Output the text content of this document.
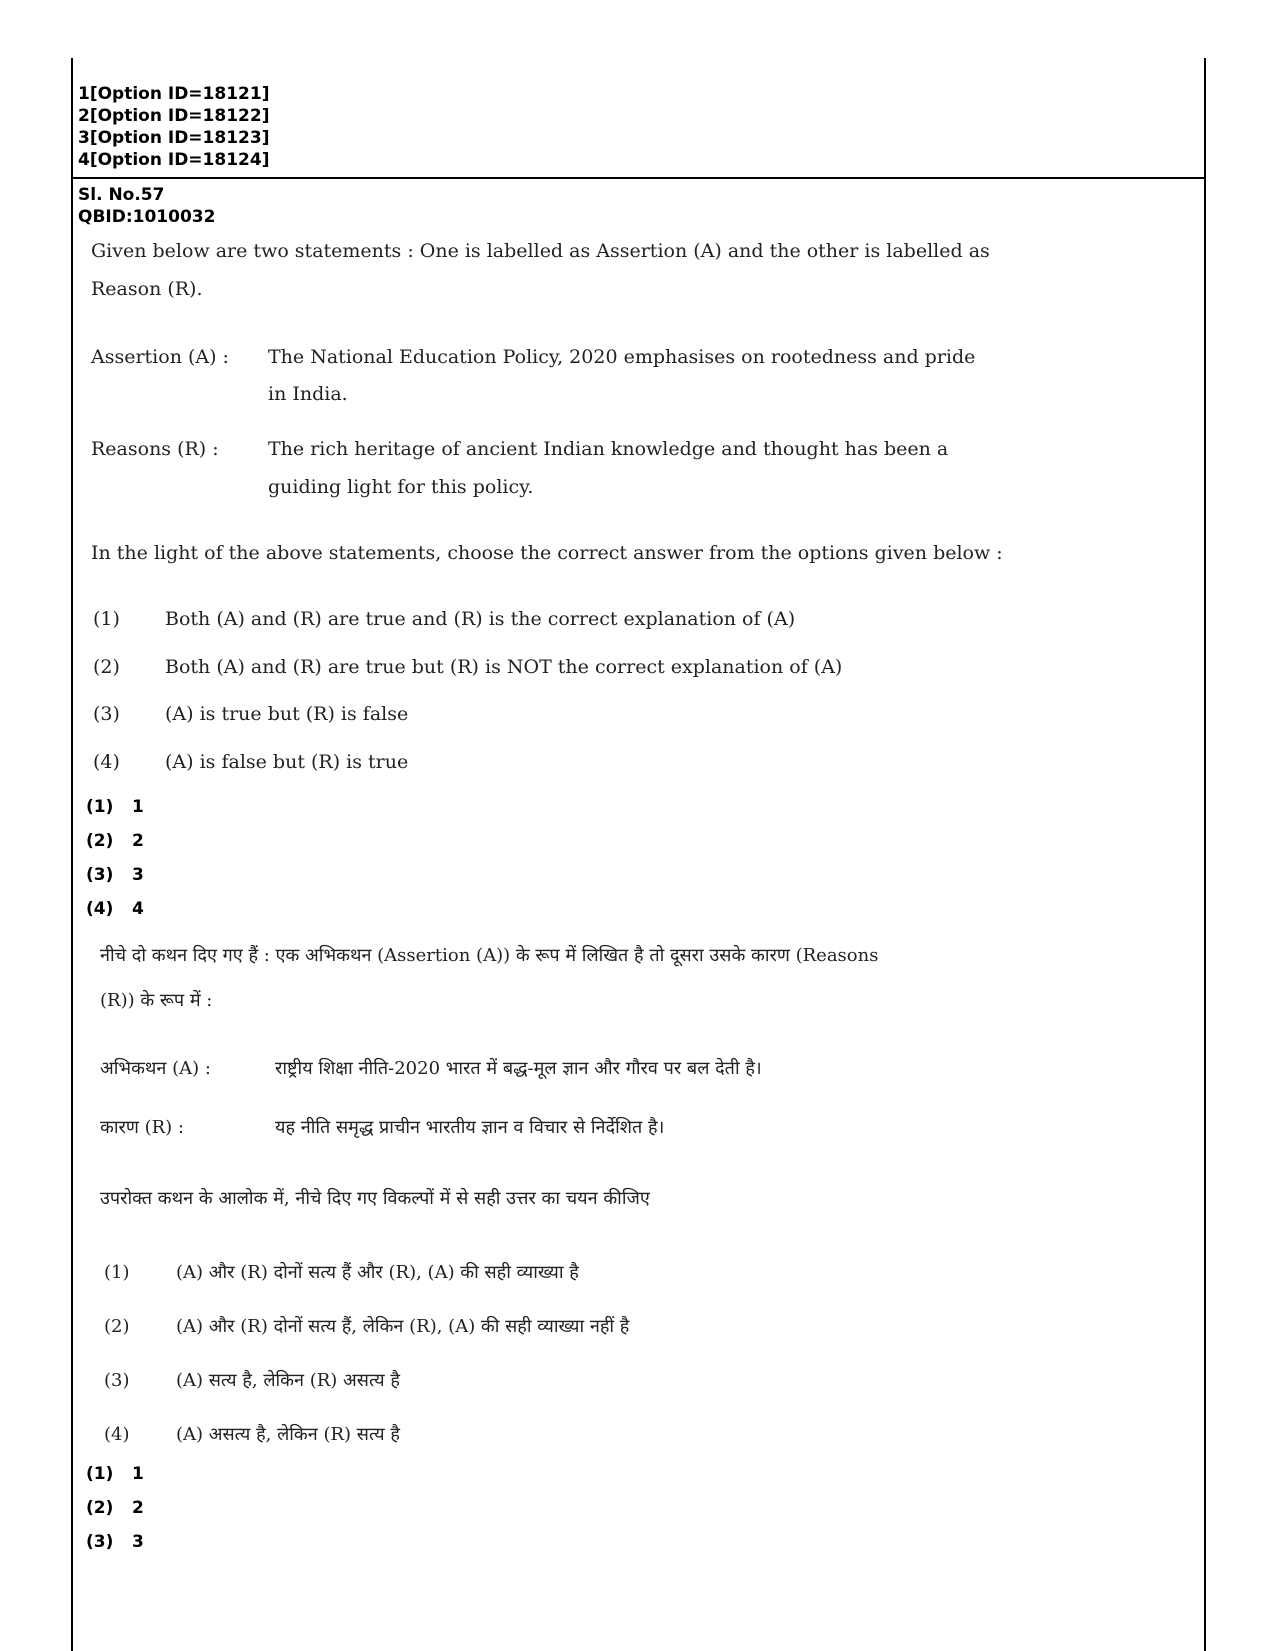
1[Option ID=18121]
2[Option ID=18122]
3[Option ID=18123]
4[Option ID=18124]
Sl. No.57
QBID:1010032
Given below are two statements : One is labelled as Assertion (A) and the other is labelled as
Reason (R).
Assertion (A) : The National Education Policy, 2020 emphasises on rootedness and pride
in India.
Reasons (R) :	The rich heritage of ancient Indian knowledge and thought has been a
guiding light for this policy.
In the light of the above statements, choose the correct answer from the options given below :
(1) Both (A) and (R) are true and (R) is the correct explanation of (A)
(2) Both (A) and (R) are true but (R) is NOT the correct explanation of (A)
(3) (A) is true but (R) is false
(4) (A) is false but (R) is true
(1) 1
(2) 2
(3) 3
(4) 4
नीचे दो कथन दिए गए हैं : एक अभिकथन (Assertion (A)) के रूप में लिखित है तो दूसरा उसके कारण (Reasons
(R)) के रूप में :
अभिकथन (A) :	राष्ट्रीय शिक्षा नीति-2020 भारत में बद्ध-मूल ज्ञान और गौरव पर बल देती है।
कारण (R) :	यह नीति समृद्ध प्राचीन भारतीय ज्ञान व विचार से निर्देशित है।
उपरोक्त कथन के आलोक में, नीचे दिए गए विकल्पों में से सही उत्तर का चयन कीजिए
(1)	(A) और (R) दोनों सत्य हैं और (R), (A) की सही व्याख्या है
(2)	(A) और (R) दोनों सत्य हैं, लेकिन (R), (A) की सही व्याख्या नहीं है
(3)	(A) सत्य है, लेकिन (R) असत्य है
(4)	(A) असत्य है, लेकिन (R) सत्य है
(1) 1
(2) 2
(3) 3
